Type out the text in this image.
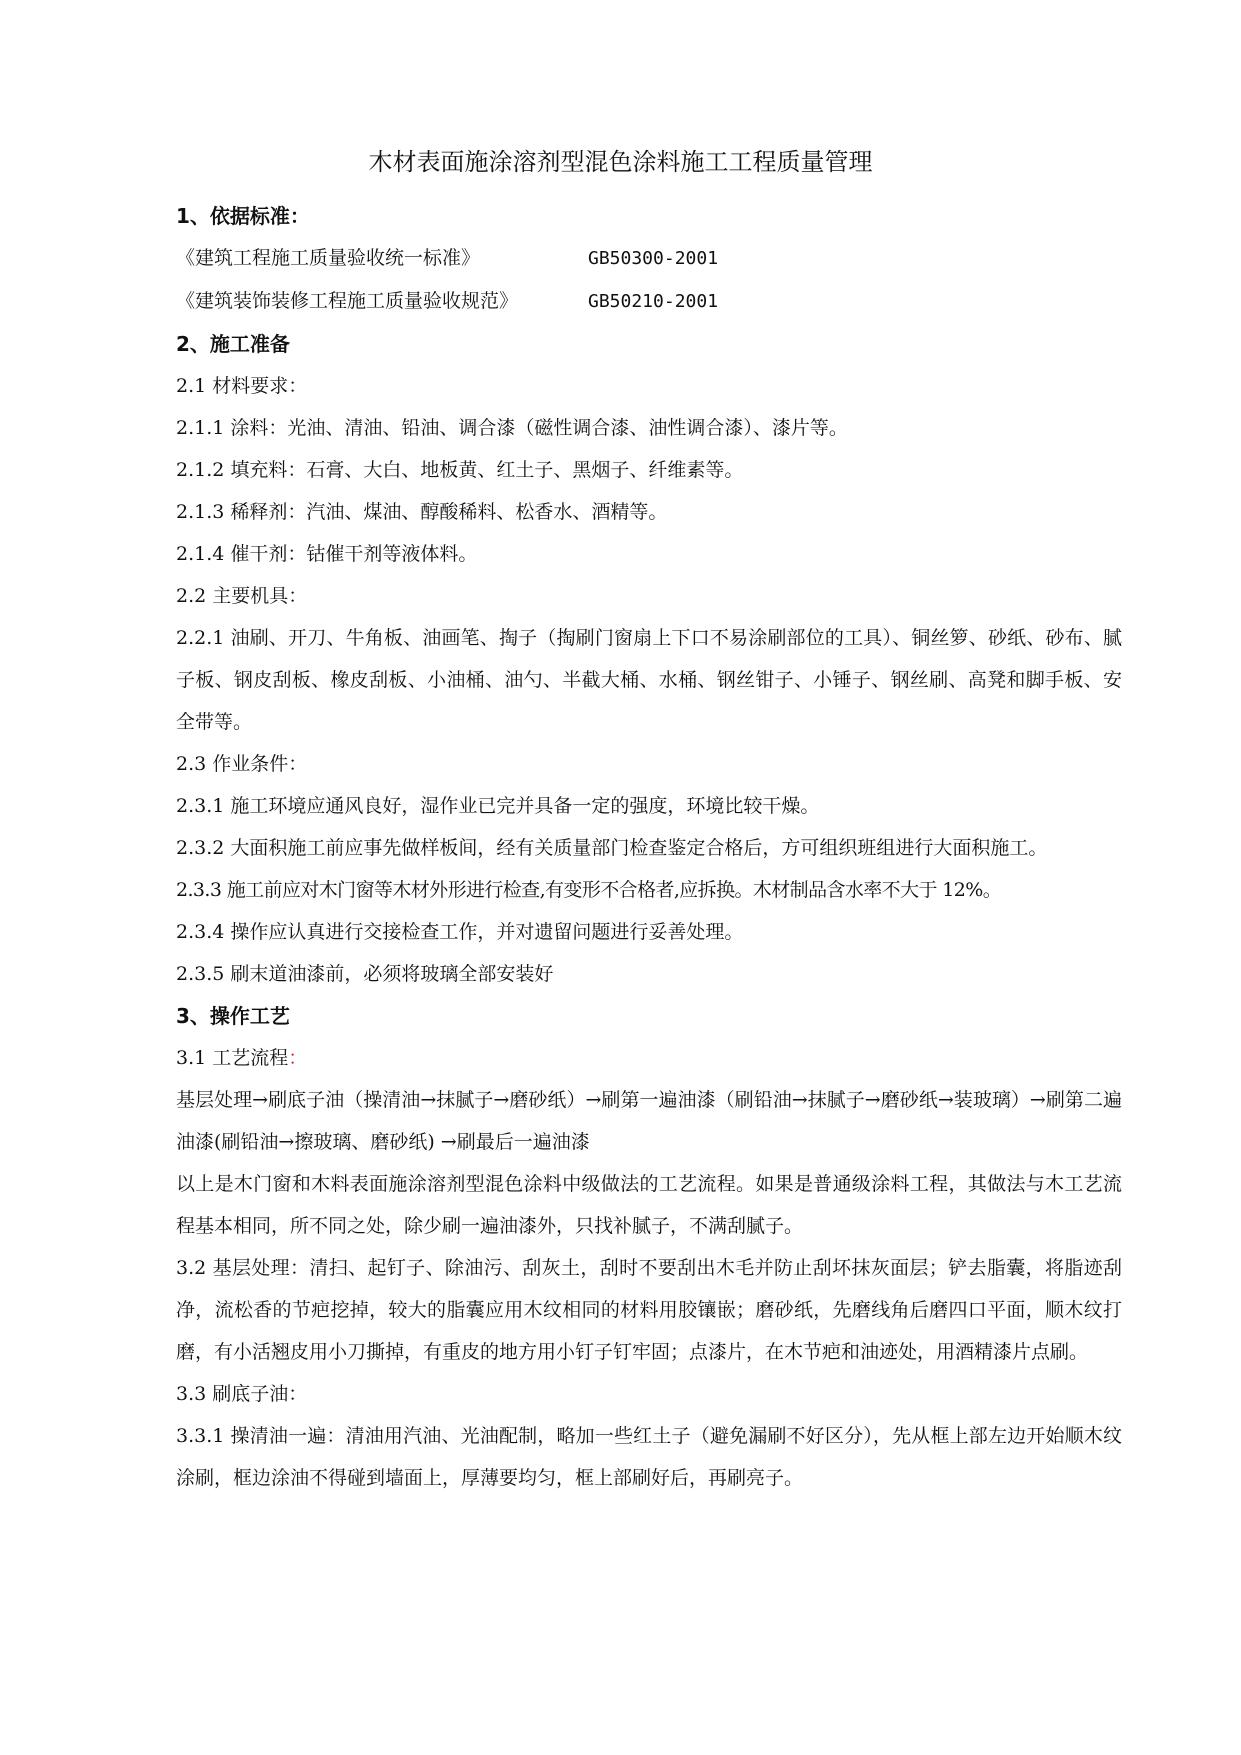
木材表面施涂溶剂型混色涂料施工工程质量管理
1、依据标准：
《建筑工程施工质量验收统一标准》	GB50300-2001
《建筑装饰装修工程施工质量验收规范》	GB50210-2001
2、施工准备
2.1 材料要求：
2.1.1 涂料：光油、清油、铅油、调合漆（磁性调合漆、油性调合漆）、漆片等。
2.1.2 填充料：石膏、大白、地板黄、红土子、黑烟子、纤维素等。
2.1.3 稀释剂：汽油、煤油、醇酸稀料、松香水、酒精等。
2.1.4 催干剂：钴催干剂等液体料。
2.2 主要机具：
2.2.1 油刷、开刀、牛角板、油画笔、掏子（掏刷门窗扇上下口不易涂刷部位的工具）、铜丝箩、砂纸、砂布、腻子板、钢皮刮板、橡皮刮板、小油桶、油勺、半截大桶、水桶、钢丝钳子、小锤子、钢丝刷、高凳和脚手板、安全带等。
2.3 作业条件：
2.3.1 施工环境应通风良好，湿作业已完并具备一定的强度，环境比较干燥。
2.3.2 大面积施工前应事先做样板间，经有关质量部门检查鉴定合格后，方可组织班组进行大面积施工。
2.3.3 施工前应对木门窗等木材外形进行检查,有变形不合格者,应拆换。木材制品含水率不大于 12%。
2.3.4 操作应认真进行交接检查工作，并对遗留问题进行妥善处理。
2.3.5 刷末道油漆前，必须将玻璃全部安装好
3、操作工艺
3.1 工艺流程：
基层处理→刷底子油（操清油→抹腻子→磨砂纸）→刷第一遍油漆（刷铅油→抹腻子→磨砂纸→装玻璃）→刷第二遍油漆(刷铅油→擦玻璃、磨砂纸) →刷最后一遍油漆
以上是木门窗和木料表面施涂溶剂型混色涂料中级做法的工艺流程。如果是普通级涂料工程，其做法与木工艺流程基本相同，所不同之处，除少刷一遍油漆外，只找补腻子，不满刮腻子。
3.2 基层处理：清扫、起钉子、除油污、刮灰土，刮时不要刮出木毛并防止刮坏抹灰面层；铲去脂囊，将脂迹刮净，流松香的节疤挖掉，较大的脂囊应用木纹相同的材料用胶镶嵌；磨砂纸，先磨线角后磨四口平面，顺木纹打磨，有小活翘皮用小刀撕掉，有重皮的地方用小钉子钉牢固；点漆片，在木节疤和油迹处，用酒精漆片点刷。
3.3 刷底子油：
3.3.1 操清油一遍：清油用汽油、光油配制，略加一些红土子（避免漏刷不好区分），先从框上部左边开始顺木纹涂刷，框边涂油不得碰到墙面上，厚薄要均匀，框上部刷好后，再刷亮子。
